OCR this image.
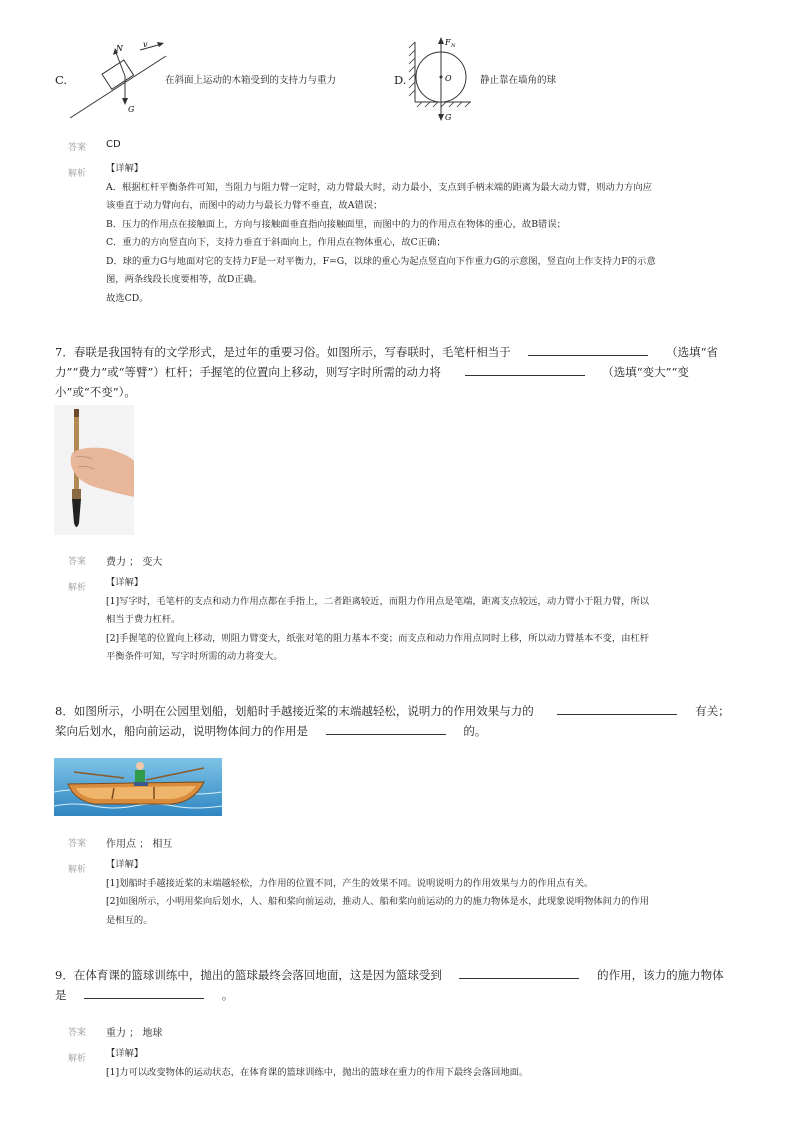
C.
N	v
G
在斜面上运动的木箱受到的支持力与重力	D.
F N
O
G
静止靠在墙角的球
答案 CD
解析 【详解】
A．根据杠杆平衡条件可知，当阻力与阻力臂一定时，动力臂最大时，动力最小，支点到手柄末端的距离为最大动力臂，则动力方向应
该垂直于动力臂向右，而图中的动力与最长力臂不垂直，故A错误；
B．压力的作用点在接触面上，方向与接触面垂直指向接触面里，而图中的力的作用点在物体的重心，故B错误；
C．重力的方向竖直向下，支持力垂直于斜面向上，作用点在物体重心，故C正确；
D．球的重力G与地面对它的支持力F是一对平衡力，F=G，以球的重心为起点竖直向下作重力G的示意图，竖直向上作支持力F的示意
图，两条线段长度要相等，故D正确。
故选CD。
7．春联是我国特有的文学形式，是过年的重要习俗。如图所示，写春联时，毛笔杆相当于	（选填“省
力”“费力”或“等臂”）杠杆；手握笔的位置向上移动，则写字时所需的动力将	（选填“变大”“变
小”或“不变”）。
答案 费力 ； 变大
解析 【详解】
[1]写字时，毛笔杆的支点和动力作用点都在手指上，二者距离较近，而阻力作用点是笔端，距离支点较远，动力臂小于阻力臂，所以
相当于费力杠杆。
[2]手握笔的位置向上移动，则阻力臂变大，纸张对笔的阻力基本不变；而支点和动力作用点同时上移，所以动力臂基本不变，由杠杆
平衡条件可知，写字时所需的动力将变大。
8．如图所示，小明在公园里划船，划船时手越接近桨的末端越轻松，说明力的作用效果与力的	有关；
桨向后划水，船向前运动，说明物体间力的作用是	的。
答案 作用点 ； 相互
解析 【详解】
[1]划船时手越接近桨的末端越轻松，力作用的位置不同，产生的效果不同。说明说明力的作用效果与力的作用点有关。
[2]如图所示，小明用桨向后划水，人、船和桨向前运动，推动人、船和桨向前运动的力的施力物体是水，此现象说明物体间力的作用
是相互的。
9．在体育课的篮球训练中，抛出的篮球最终会落回地面，这是因为篮球受到	的作用，该力的施力物体
是	。
答案 重力 ； 地球
解析 【详解】
[1]力可以改变物体的运动状态，在体育课的篮球训练中，抛出的篮球在重力的作用下最终会落回地面。
